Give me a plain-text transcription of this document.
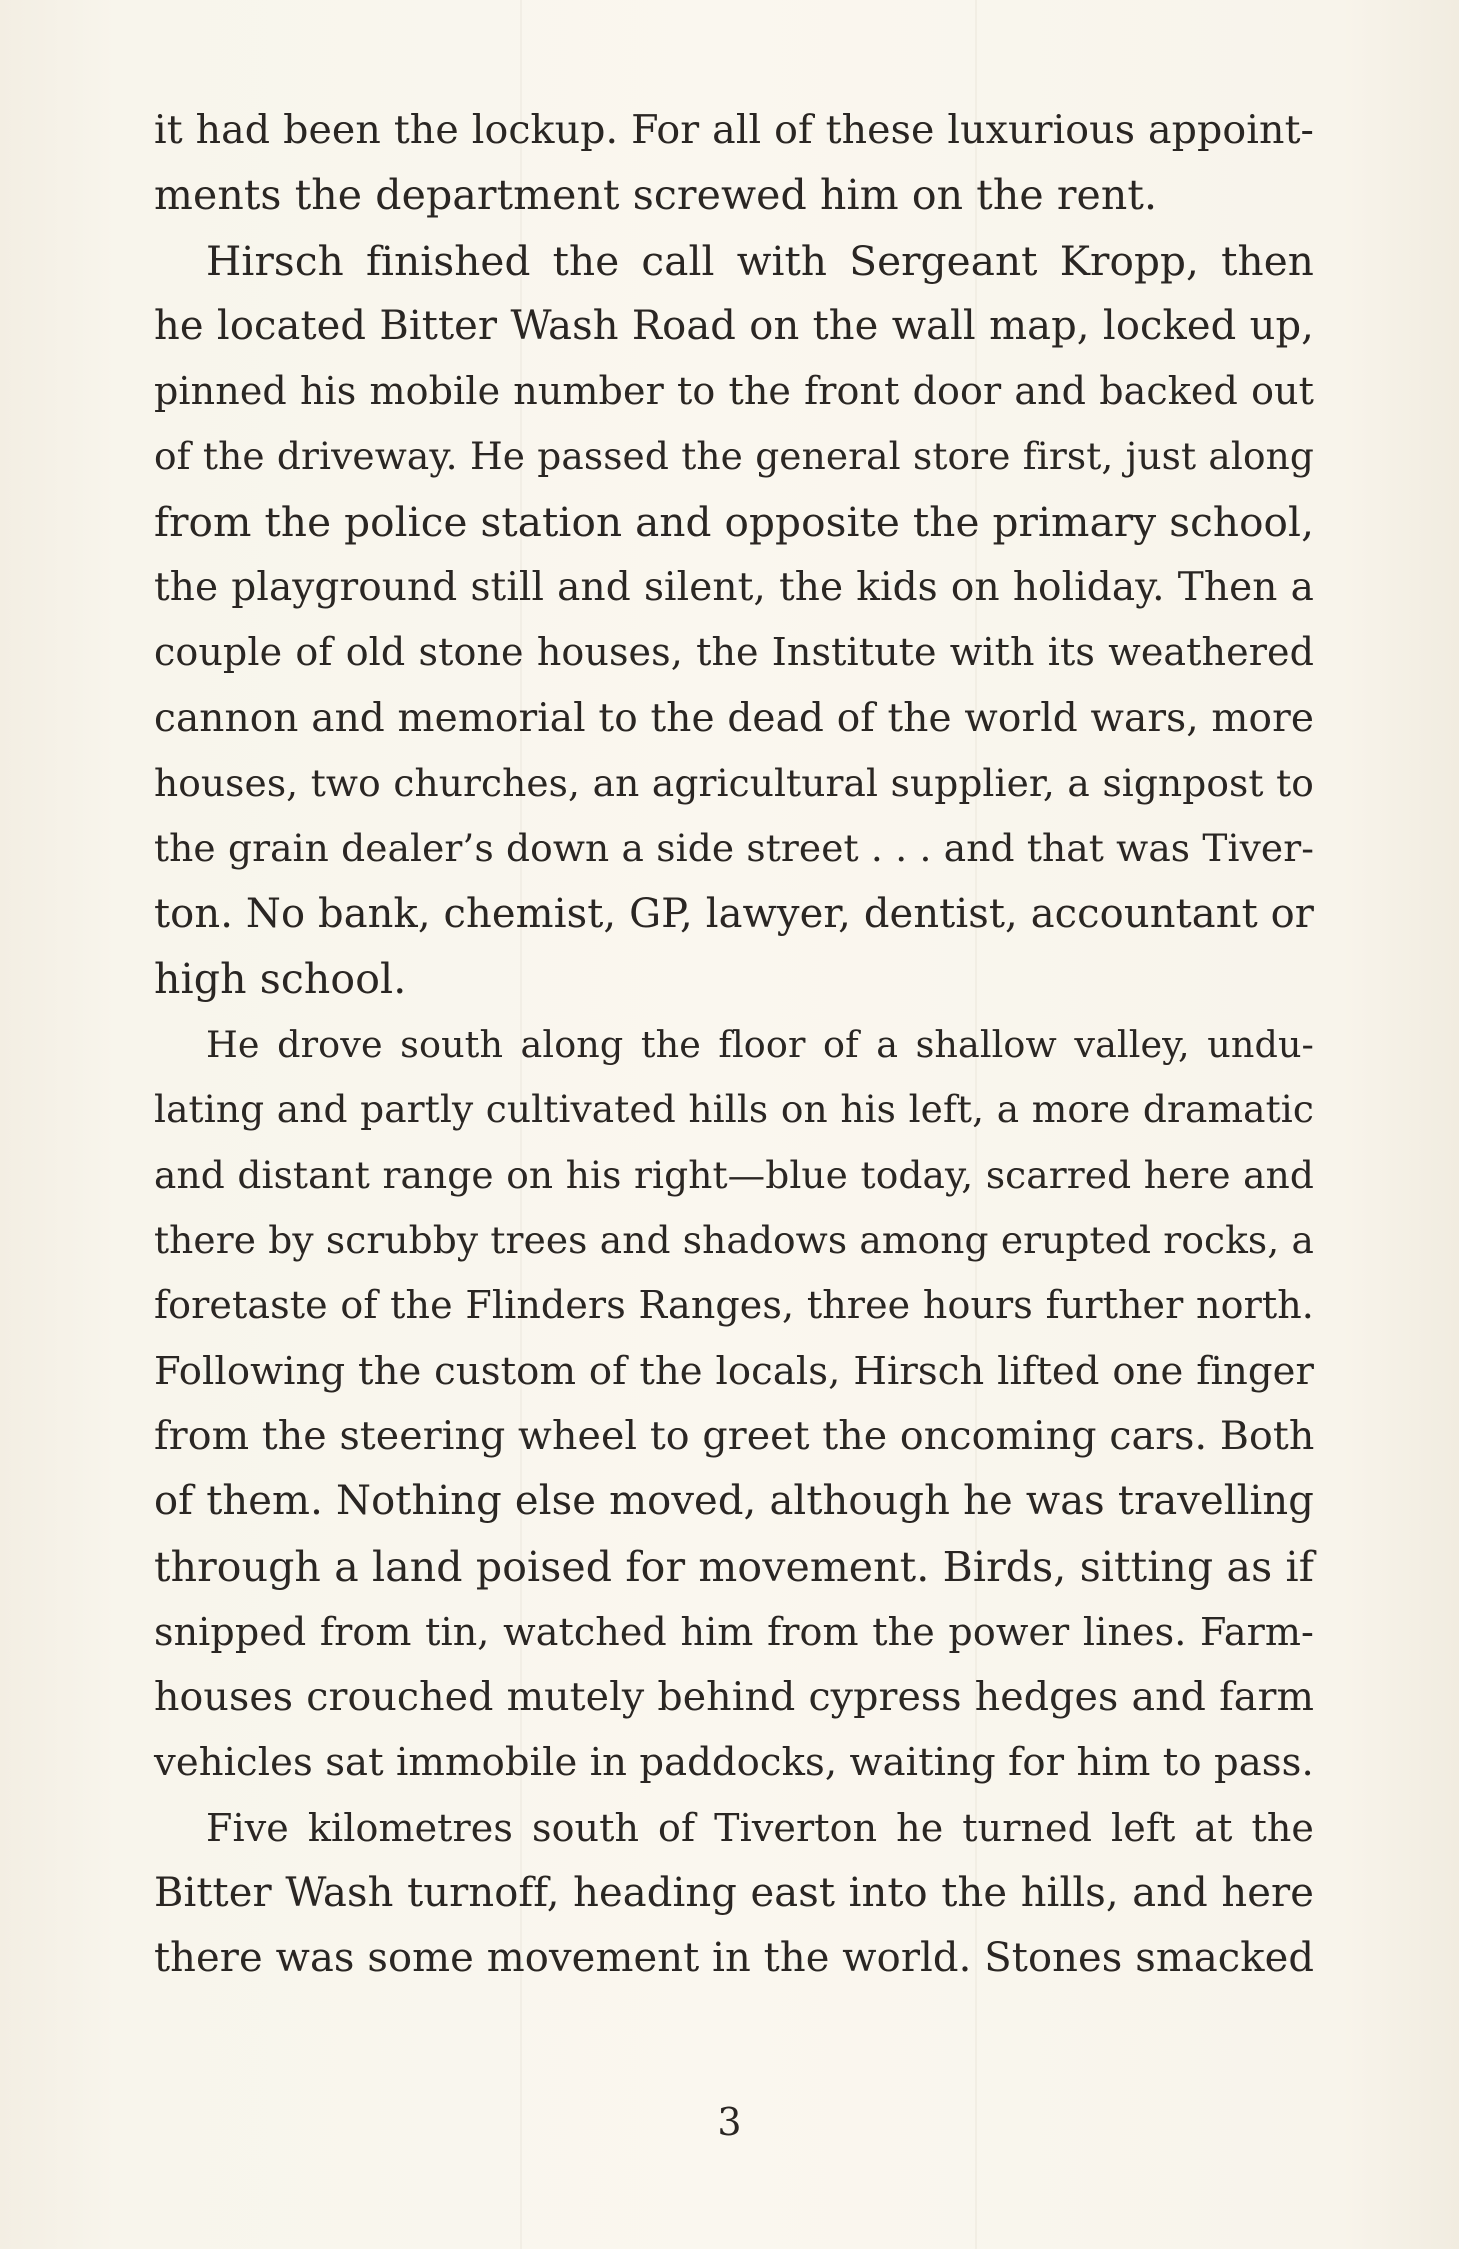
it had been the lockup. For all of these luxurious appoint-
ments the department screwed him on the rent.
Hirsch finished the call with Sergeant Kropp, then
he located Bitter Wash Road on the wall map, locked up,
pinned his mobile number to the front door and backed out
of the driveway. He passed the general store first, just along
from the police station and opposite the primary school,
the playground still and silent, the kids on holiday. Then a
couple of old stone houses, the Institute with its weathered
cannon and memorial to the dead of the world wars, more
houses, two churches, an agricultural supplier, a signpost to
the grain dealer’s down a side street . . . and that was Tiver-
ton. No bank, chemist, GP, lawyer, dentist, accountant or
high school.
He drove south along the floor of a shallow valley, undu-
lating and partly cultivated hills on his left, a more dramatic
and distant range on his right—blue today, scarred here and
there by scrubby trees and shadows among erupted rocks, a
foretaste of the Flinders Ranges, three hours further north.
Following the custom of the locals, Hirsch lifted one finger
from the steering wheel to greet the oncoming cars. Both
of them. Nothing else moved, although he was travelling
through a land poised for movement. Birds, sitting as if
snipped from tin, watched him from the power lines. Farm-
houses crouched mutely behind cypress hedges and farm
vehicles sat immobile in paddocks, waiting for him to pass.
Five kilometres south of Tiverton he turned left at the
Bitter Wash turnoff, heading east into the hills, and here
there was some movement in the world. Stones smacked
3
